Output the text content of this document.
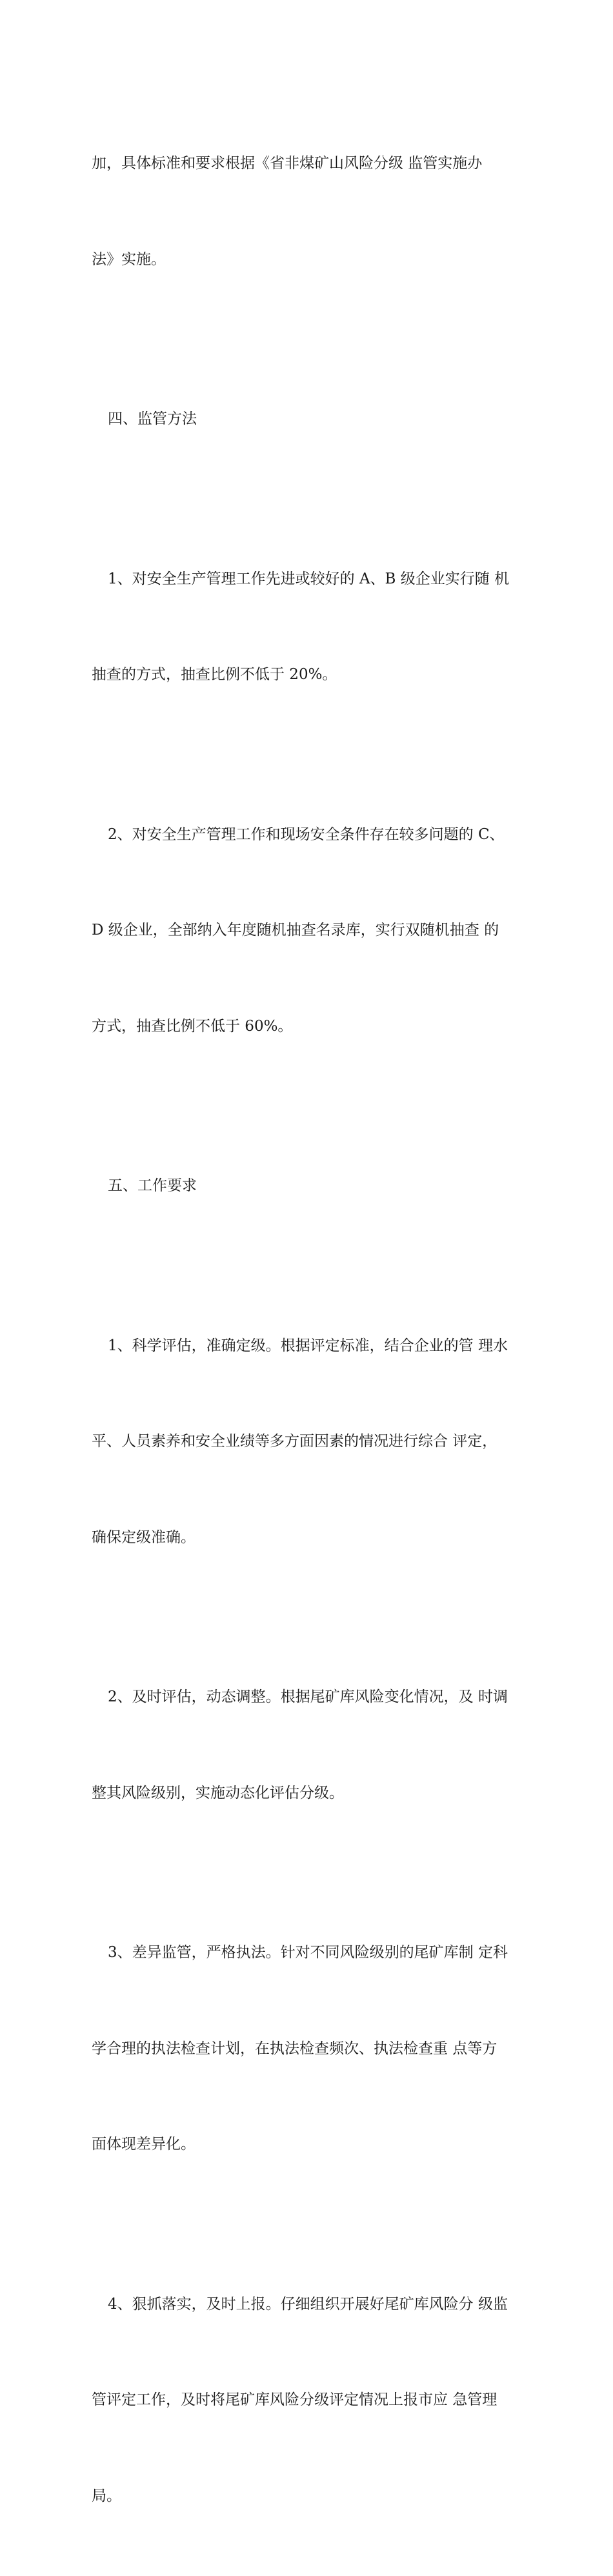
加，具体标准和要求根据《省非煤矿山风险分级 监管实施办

法》实施。

四、监管方法

1、对安全生产管理工作先进或较好的 A、B 级企业实行随 机

抽查的方式，抽查比例不低于 20%。

2、对安全生产管理工作和现场安全条件存在较多问题的 C、

D 级企业，全部纳入年度随机抽查名录库，实行双随机抽查 的

方式，抽查比例不低于 60%。

五、工作要求

1、科学评估，准确定级。根据评定标准，结合企业的管 理水

平、人员素养和安全业绩等多方面因素的情况进行综合 评定，

确保定级准确。

2、及时评估，动态调整。根据尾矿库风险变化情况，及 时调

整其风险级别，实施动态化评估分级。

3、差异监管，严格执法。针对不同风险级别的尾矿库制 定科

学合理的执法检查计划，在执法检查频次、执法检查重 点等方

面体现差异化。

4、狠抓落实，及时上报。仔细组织开展好尾矿库风险分 级监

管评定工作，及时将尾矿库风险分级评定情况上报市应 急管理

局。
